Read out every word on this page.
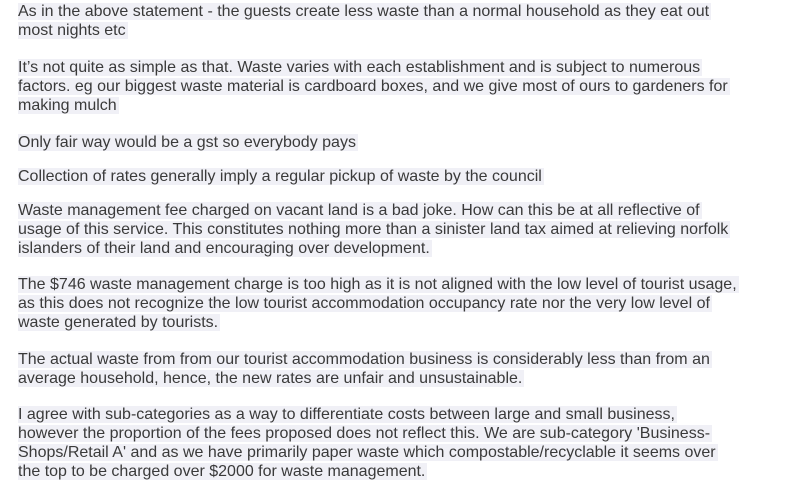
As in the above statement - the guests create less waste than a normal household as they eat out
most nights etc

It’s not quite as simple as that. Waste varies with each establishment and is subject to numerous
factors. eg our biggest waste material is cardboard boxes, and we give most of ours to gardeners for
making mulch

Only fair way would be a gst so everybody pays

Collection of rates generally imply a regular pickup of waste by the council

Waste management fee charged on vacant land is a bad joke. How can this be at all reflective of
usage of this service. This constitutes nothing more than a sinister land tax aimed at relieving norfolk
islanders of their land and encouraging over development.

The $746 waste management charge is too high as it is not aligned with the low level of tourist usage,
as this does not recognize the low tourist accommodation occupancy rate nor the very low level of
waste generated by tourists.

The actual waste from from our tourist accommodation business is considerably less than from an
average household, hence, the new rates are unfair and unsustainable.

I agree with sub-categories as a way to differentiate costs between large and small business,
however the proportion of the fees proposed does not reflect this. We are sub-category 'Business-
Shops/Retail A' and as we have primarily paper waste which compostable/recyclable it seems over
the top to be charged over $2000 for waste management.
